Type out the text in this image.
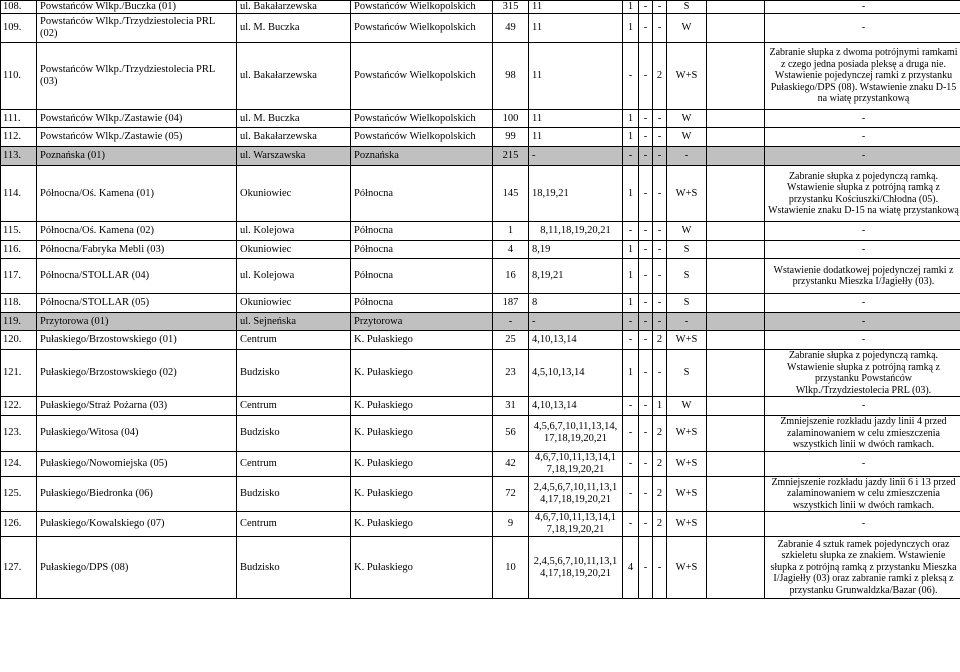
108.	Powstańców Wlkp./Buczka (01)	ul. Bakałarzewska	Powstańców Wielkopolskich	315	11	1	-	-	S		-
109.	Powstańców Wlkp./Trzydziestolecia PRL (02)	ul. M. Buczka	Powstańców Wielkopolskich	49	11	1	-	-	W		-
110.	Powstańców Wlkp./Trzydziestolecia PRL (03)	ul. Bakałarzewska	Powstańców Wielkopolskich	98	11	-	-	2	W+S		Zabranie słupka z dwoma potrójnymi ramkami z czego jedna posiada pleksę a druga nie. Wstawienie pojedynczej ramki z przystanku Pułaskiego/DPS (08). Wstawienie znaku D-15 na wiatę przystankową
111.	Powstańców Wlkp./Zastawie (04)	ul. M. Buczka	Powstańców Wielkopolskich	100	11	1	-	-	W		-
112.	Powstańców Wlkp./Zastawie (05)	ul. Bakałarzewska	Powstańców Wielkopolskich	99	11	1	-	-	W		-
113.	Poznańska (01)	ul. Warszawska	Poznańska	215	-	-	-	-	-		-
114.	Północna/Oś. Kamena (01)	Okuniowiec	Północna	145	18,19,21	1	-	-	W+S		Zabranie słupka z pojedynczą ramką. Wstawienie słupka z potrójną ramką z przystanku Kościuszki/Chłodna (05). Wstawienie znaku D-15 na wiatę przystankową
115.	Północna/Oś. Kamena (02)	ul. Kolejowa	Północna	1	8,11,18,19,20,21	-	-	-	W		-
116.	Północna/Fabryka Mebli (03)	Okuniowiec	Północna	4	8,19	1	-	-	S		-
117.	Północna/STOLLAR (04)	ul. Kolejowa	Północna	16	8,19,21	1	-	-	S		Wstawienie dodatkowej pojedynczej ramki z przystanku Mieszka I/Jagiełły (03).
118.	Północna/STOLLAR (05)	Okuniowiec	Północna	187	8	1	-	-	S		-
119.	Przytorowa (01)	ul. Sejneńska	Przytorowa	-	-	-	-	-	-		-
120.	Pułaskiego/Brzostowskiego (01)	Centrum	K. Pułaskiego	25	4,10,13,14	-	-	2	W+S		-
121.	Pułaskiego/Brzostowskiego (02)	Budzisko	K. Pułaskiego	23	4,5,10,13,14	1	-	-	S		Zabranie słupka z pojedynczą ramką. Wstawienie słupka z potrójną ramką z przystanku Powstańców Wlkp./Trzydziestolecia PRL (03).
122.	Pułaskiego/Straż Pożarna (03)	Centrum	K. Pułaskiego	31	4,10,13,14	-	-	1	W		-
123.	Pułaskiego/Witosa (04)	Budzisko	K. Pułaskiego	56	4,5,6,7,10,11,13,14,17,18,19,20,21	-	-	2	W+S		Zmniejszenie rozkładu jazdy linii 4 przed zalaminowaniem w celu zmieszczenia wszystkich linii w dwóch ramkach.
124.	Pułaskiego/Nowomiejska (05)	Centrum	K. Pułaskiego	42	4,6,7,10,11,13,14,17,18,19,20,21	-	-	2	W+S		-
125.	Pułaskiego/Biedronka (06)	Budzisko	K. Pułaskiego	72	2,4,5,6,7,10,11,13,14,17,18,19,20,21	-	-	2	W+S		Zmniejszenie rozkładu jazdy linii 6 i 13 przed zalaminowaniem w celu zmieszczenia wszystkich linii w dwóch ramkach.
126.	Pułaskiego/Kowalskiego (07)	Centrum	K. Pułaskiego	9	4,6,7,10,11,13,14,17,18,19,20,21	-	-	2	W+S		-
127.	Pułaskiego/DPS (08)	Budzisko	K. Pułaskiego	10	2,4,5,6,7,10,11,13,14,17,18,19,20,21	4	-	-	W+S		Zabranie 4 sztuk ramek pojedynczych oraz szkieletu słupka ze znakiem. Wstawienie słupka z potrójną ramką z przystanku Mieszka I/Jagiełły (03) oraz zabranie ramki z pleksą z przystanku Grunwaldzka/Bazar (06).
